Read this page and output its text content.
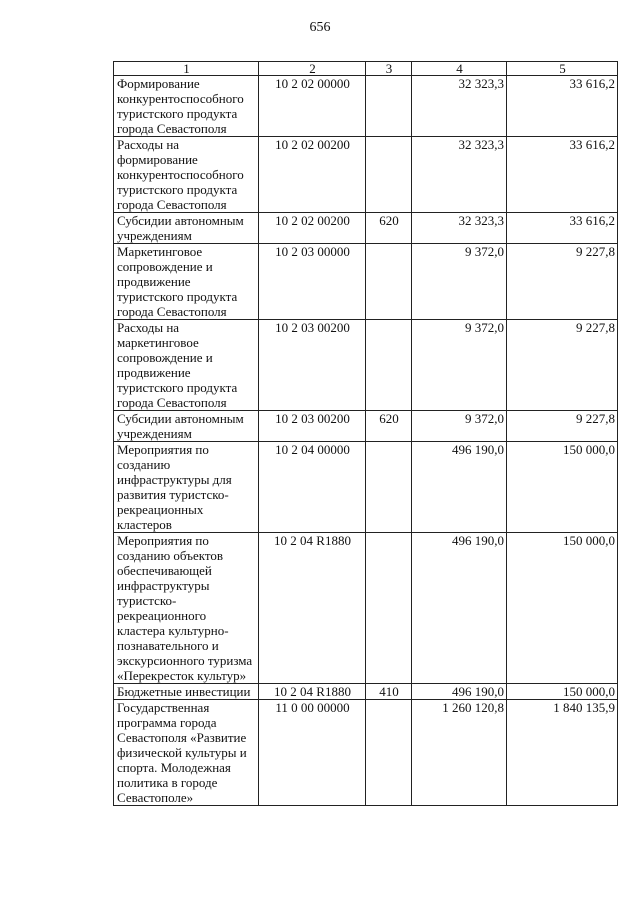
656
1	2	3	4	5
Формирование конкурентоспособного туристского продукта города Севастополя	10 2 02 00000		32 323,3	33 616,2
Расходы на формирование конкурентоспособного туристского продукта города Севастополя	10 2 02 00200		32 323,3	33 616,2
Субсидии автономным учреждениям	10 2 02 00200	620	32 323,3	33 616,2
Маркетинговое сопровождение и продвижение туристского продукта города Севастополя	10 2 03 00000		9 372,0	9 227,8
Расходы на маркетинговое сопровождение и продвижение туристского продукта города Севастополя	10 2 03 00200		9 372,0	9 227,8
Субсидии автономным учреждениям	10 2 03 00200	620	9 372,0	9 227,8
Мероприятия по созданию инфраструктуры для развития туристско-рекреационных кластеров	10 2 04 00000		496 190,0	150 000,0
Мероприятия по созданию объектов обеспечивающей инфраструктуры туристско-рекреационного кластера культурно-познавательного и экскурсионного туризма «Перекресток культур»	10 2 04 R1880		496 190,0	150 000,0
Бюджетные инвестиции	10 2 04 R1880	410	496 190,0	150 000,0
Государственная программа города Севастополя «Развитие физической культуры и спорта. Молодежная политика в городе Севастополе»	11 0 00 00000		1 260 120,8	1 840 135,9
